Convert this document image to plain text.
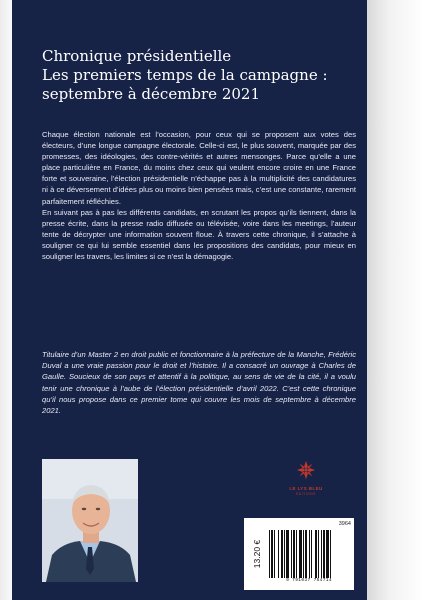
Chronique présidentielle
Les premiers temps de la campagne :
septembre à décembre 2021

Chaque élection nationale est l’occasion, pour ceux qui se proposent aux votes des électeurs, d’une longue campagne électorale. Celle-ci est, le plus souvent, marquée par des promesses, des idéologies, des contre-vérités et autres mensonges. Parce qu’elle a une place particulière en France, du moins chez ceux qui veulent encore croire en une France forte et souveraine, l’élection présidentielle n’échappe pas à la multiplicité des candidatures ni à ce déversement d’idées plus ou moins bien pensées mais, c’est une constante, rarement parfaitement réfléchies.

En suivant pas à pas les différents candidats, en scrutant les propos qu’ils tiennent, dans la presse écrite, dans la presse radio diffusée ou télévisée, voire dans les meetings, l’auteur tente de décrypter une information souvent floue. À travers cette chronique, il s’attache à souligner ce qui lui semble essentiel dans les propositions des candidats, pour mieux en souligner les travers, les limites si ce n’est la démagogie.

Titulaire d’un Master 2 en droit public et fonctionnaire à la préfecture de la Manche, Frédéric Duval a une vraie passion pour le droit et l’histoire. Il a consacré un ouvrage à Charles de Gaulle. Soucieux de son pays et attentif à la politique, au sens de vie de la cité, il a voulu tenir une chronique à l’aube de l’élection présidentielle d’avril 2022. C’est cette chronique qu’il nous propose dans ce premier tome qui couvre les mois de septembre à décembre 2021.
LE LYS BLEU
ÉDITIONS
3964
13.20 €
9 791037 754714
